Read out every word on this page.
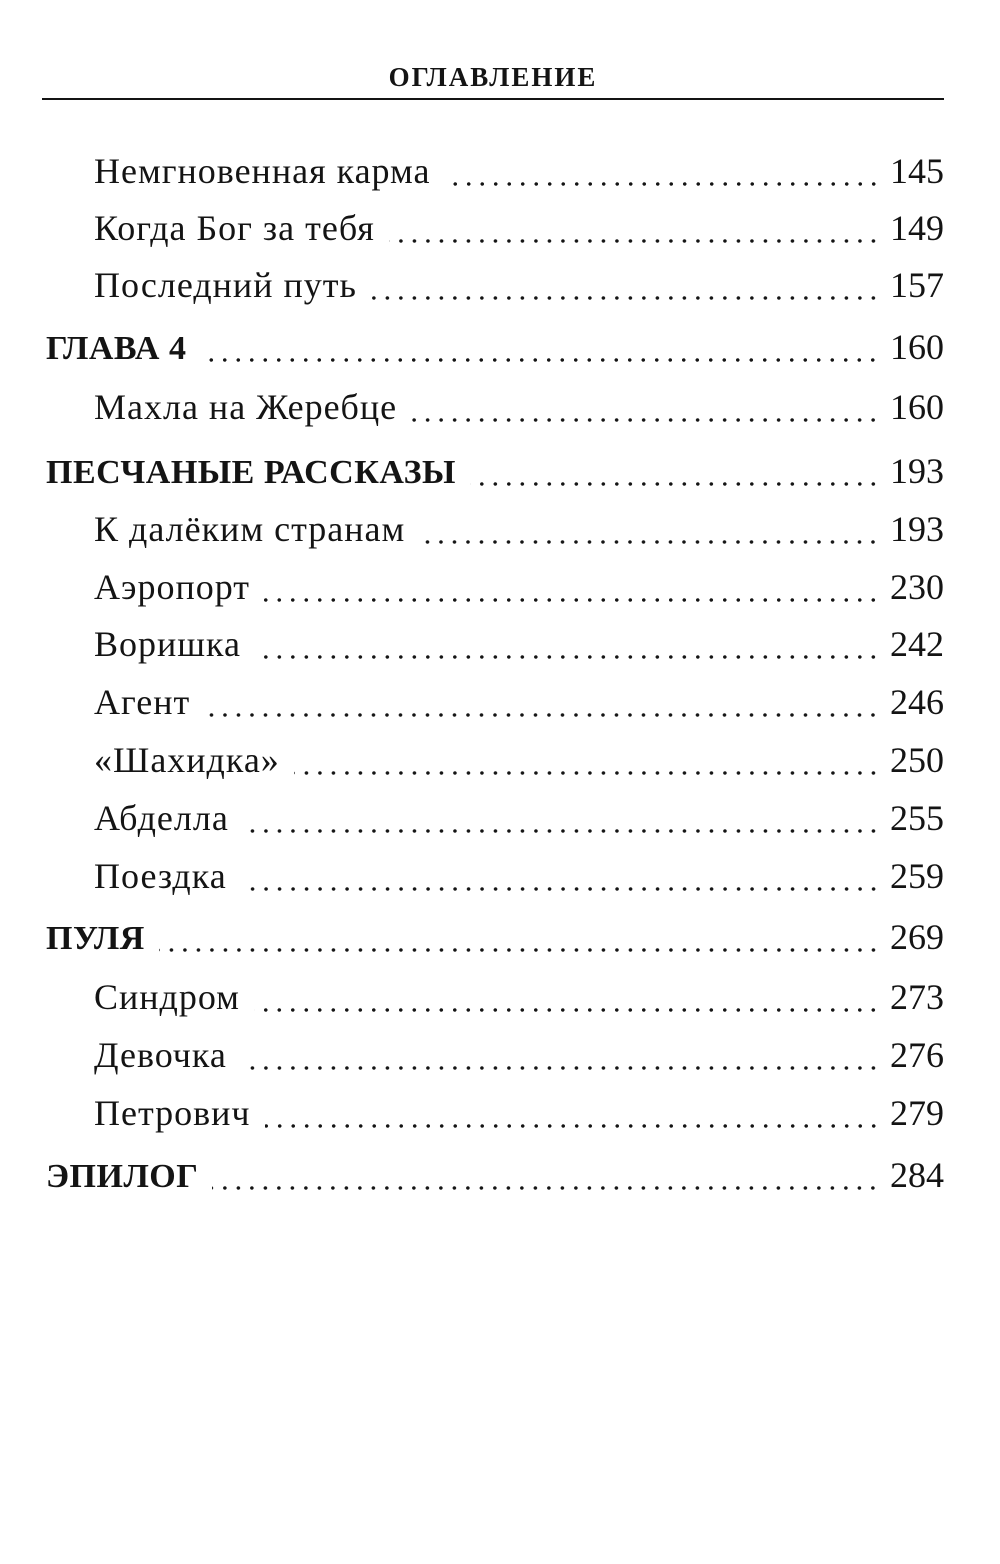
ОГЛАВЛЕНИЕ
Немгновенная карма	145
Когда Бог за тебя	149
Последний путь	157
ГЛАВА 4	160
Махла на Жеребце	160
ПЕСЧАНЫЕ РАССКАЗЫ	193
К далёким странам	193
Аэропорт	230
Воришка	242
Агент	246
«Шахидка»	250
Абделла	255
Поездка	259
ПУЛЯ	269
Синдром	273
Девочка	276
Петрович	279
ЭПИЛОГ	284
